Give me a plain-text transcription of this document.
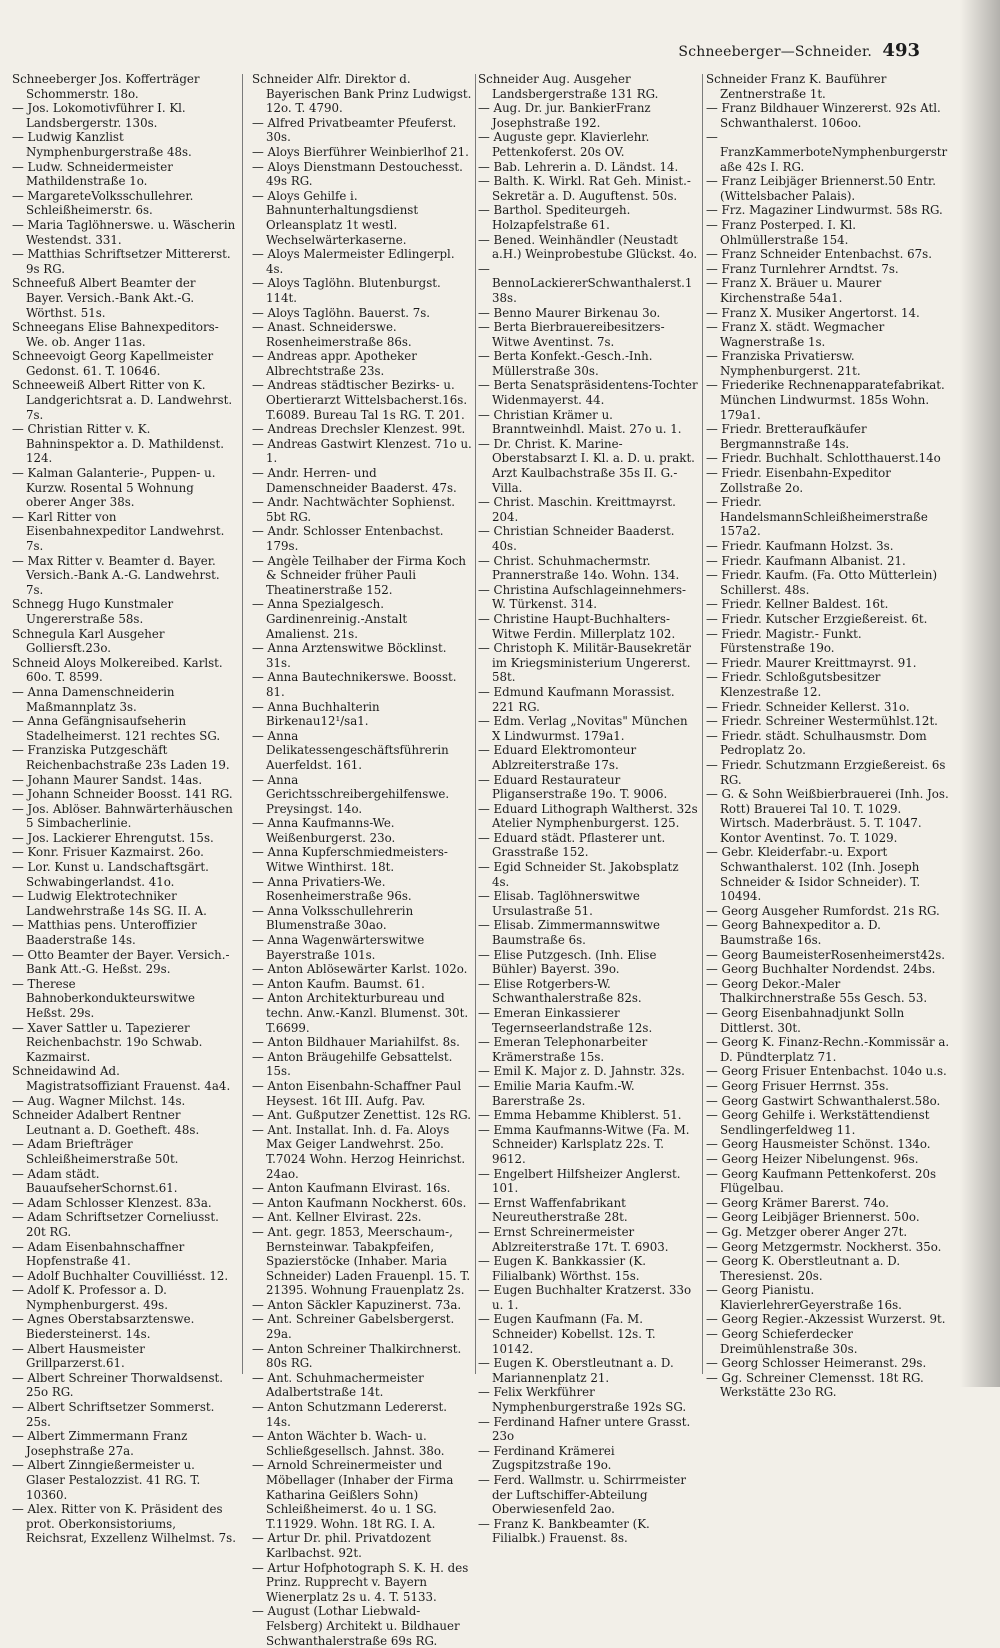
Schneeberger—Schneider. 493

Schneeberger Jos. Kofferträger Schommerstr. 18o.

— Jos. Lokomotivführer I. Kl. Landsbergerstr. 130s.

— Ludwig Kanzlist Nymphenburgerstraße 48s.

— Ludw. Schneidermeister Mathildenstraße 1o.

— MargareteVolksschullehrer. Schleißheimerstr. 6s.

— Maria Taglöhnerswe. u. Wäscherin Westendst. 331.

— Matthias Schriftsetzer Mittererst. 9s RG.

Schneefuß Albert Beamter der Bayer. Versich.-Bank Akt.-G. Wörthst. 51s.

Schneegans Elise Bahnexpeditors-We. ob. Anger 11as.

Schneevoigt Georg Kapellmeister Gedonst. 61. T. 10646.

Schneeweiß Albert Ritter von K. Landgerichtsrat a. D. Landwehrst. 7s.

— Christian Ritter v. K. Bahninspektor a. D. Mathildenst. 124.

— Kalman Galanterie-, Puppen- u. Kurzw. Rosental 5 Wohnung oberer Anger 38s.

— Karl Ritter von Eisenbahnexpeditor Landwehrst. 7s.

— Max Ritter v. Beamter d. Bayer. Versich.-Bank A.-G. Landwehrst. 7s.

Schnegg Hugo Kunstmaler Ungererstraße 58s.

Schnegula Karl Ausgeher Golliersft.23o.

Schneid Aloys Molkereibed. Karlst. 60o. T. 8599.

— Anna Damenschneiderin Maßmannplatz 3s.

— Anna Gefängnisaufseherin Stadelheimerst. 121 rechtes SG.

— Franziska Putzgeschäft Reichenbachstraße 23s Laden 19.

— Johann Maurer Sandst. 14as.

— Johann Schneider Boosst. 141 RG.

— Jos. Ablöser. Bahnwärterhäuschen 5 Simbacherlinie.

— Jos. Lackierer Ehrengutst. 15s.

— Konr. Frisuer Kazmairst. 26o.

— Lor. Kunst u. Landschaftsgärt. Schwabingerlandst. 41o.

— Ludwig Elektrotechniker Landwehrstraße 14s SG. II. A.

— Matthias pens. Unteroffizier Baaderstraße 14s.

— Otto Beamter der Bayer. Versich.-Bank Att.-G. Heßst. 29s.

— Therese Bahnoberkondukteurswitwe Heßst. 29s.

— Xaver Sattler u. Tapezierer Reichenbachstr. 19o Schwab. Kazmairst.

Schneidawind Ad. Magistratsoffiziant Frauenst. 4a4.

— Aug. Wagner Milchst. 14s.

Schneider Adalbert Rentner Leutnant a. D. Goetheft. 48s.

— Adam Briefträger Schleißheimerstraße 50t.

— Adam städt. BauaufseherSchornst.61.

— Adam Schlosser Klenzest. 83a.

— Adam Schriftsetzer Corneliusst. 20t RG.

— Adam Eisenbahnschaffner Hopfenstraße 41.

— Adolf Buchhalter Couvilliésst. 12.

— Adolf K. Professor a. D. Nymphenburgerst. 49s.

— Agnes Oberstabsarztenswe. Biedersteinerst. 14s.

— Albert Hausmeister Grillparzerst.61.

— Albert Schreiner Thorwaldsenst. 25o RG.

— Albert Schriftsetzer Sommerst. 25s.

— Albert Zimmermann Franz Josephstraße 27a.

— Albert Zinngießermeister u. Glaser Pestalozzist. 41 RG. T. 10360.

— Alex. Ritter von K. Präsident des prot. Oberkonsistoriums, Reichsrat, Exzellenz Wilhelmst. 7s.

Schneider Alfr. Direktor d. Bayerischen Bank Prinz Ludwigst. 12o. T. 4790.

— Alfred Privatbeamter Pfeuferst. 30s.

— Aloys Bierführer Weinbierlhof 21.

— Aloys Dienstmann Destouchesst. 49s RG.

— Aloys Gehilfe i. Bahnunterhaltungsdienst Orleansplatz 1t westl. Wechselwärterkaserne.

— Aloys Malermeister Edlingerpl. 4s.

— Aloys Taglöhn. Blutenburgst. 114t.

— Aloys Taglöhn. Bauerst. 7s.

— Anast. Schneiderswe. Rosenheimerstraße 86s.

— Andreas appr. Apotheker Albrechtstraße 23s.

— Andreas städtischer Bezirks- u. Obertierarzt Wittelsbacherst.16s. T.6089. Bureau Tal 1s RG. T. 201.

— Andreas Drechsler Klenzest. 99t.

— Andreas Gastwirt Klenzest. 71o u. 1.

— Andr. Herren- und Damenschneider Baaderst. 47s.

— Andr. Nachtwächter Sophienst. 5bt RG.

— Andr. Schlosser Entenbachst. 179s.

— Angèle Teilhaber der Firma Koch & Schneider früher Pauli Theatinerstraße 152.

— Anna Spezialgesch. Gardinenreinig.-Anstalt Amalienst. 21s.

— Anna Arztenswitwe Böcklinst. 31s.

— Anna Bautechnikerswe. Boosst. 81.

— Anna Buchhalterin Birkenau12¹/sa1.

— Anna Delikatessengeschäftsführerin Auerfeldst. 161.

— Anna Gerichtsschreibergehilfenswe. Preysingst. 14o.

— Anna Kaufmanns-We. Weißenburgerst. 23o.

— Anna Kupferschmiedmeisters-Witwe Winthirst. 18t.

— Anna Privatiers-We. Rosenheimerstraße 96s.

— Anna Volksschullehrerin Blumenstraße 30ao.

— Anna Wagenwärterswitwe Bayerstraße 101s.

— Anton Ablösewärter Karlst. 102o.

— Anton Kaufm. Baumst. 61.

— Anton Architekturbureau und techn. Anw.-Kanzl. Blumenst. 30t. T.6699.

— Anton Bildhauer Mariahilfst. 8s.

— Anton Bräugehilfe Gebsattelst. 15s.

— Anton Eisenbahn-Schaffner Paul Heysest. 16t III. Aufg. Pav.

— Ant. Gußputzer Zenettist. 12s RG.

— Ant. Installat. Inh. d. Fa. Aloys Max Geiger Landwehrst. 25o. T.7024 Wohn. Herzog Heinrichst. 24ao.

— Anton Kaufmann Elvirast. 16s.

— Anton Kaufmann Nockherst. 60s.

— Ant. Kellner Elvirast. 22s.

— Ant. gegr. 1853, Meerschaum-, Bernsteinwar. Tabakpfeifen, Spazierstöcke (Inhaber. Maria Schneider) Laden Frauenpl. 15. T. 21395. Wohnung Frauenplatz 2s.

— Anton Säckler Kapuzinerst. 73a.

— Ant. Schreiner Gabelsbergerst. 29a.

— Anton Schreiner Thalkirchnerst. 80s RG.

— Ant. Schuhmachermeister Adalbertstraße 14t.

— Anton Schutzmann Ledererst. 14s.

— Anton Wächter b. Wach- u. Schließgesellsch. Jahnst. 38o.

— Arnold Schreinermeister und Möbellager (Inhaber der Firma Katharina Geißlers Sohn) Schleißheimerst. 4o u. 1 SG. T.11929. Wohn. 18t RG. I. A.

— Artur Dr. phil. Privatdozent Karlbachst. 92t.

— Artur Hofphotograph S. K. H. des Prinz. Rupprecht v. Bayern Wienerplatz 2s u. 4. T. 5133.

— August (Lothar Liebwald-Felsberg) Architekt u. Bildhauer Schwanthalerstraße 69s RG.

Schneider Aug. Ausgeher Landsbergerstraße 131 RG.

— Aug. Dr. jur. BankierFranz Josephstraße 192.

— Auguste gepr. Klavierlehr. Pettenkoferst. 20s OV.

— Bab. Lehrerin a. D. Ländst. 14.

— Balth. K. Wirkl. Rat Geh. Minist.-Sekretär a. D. Auguftenst. 50s.

— Barthol. Spediteurgeh. Holzapfelstraße 61.

— Bened. Weinhändler (Neustadt a.H.) Weinprobestube Glückst. 4o.

— BennoLackiererSchwanthalerst.138s.

— Benno Maurer Birkenau 3o.

— Berta Bierbrauereibesitzers-Witwe Aventinst. 7s.

— Berta Konfekt.-Gesch.-Inh. Müllerstraße 30s.

— Berta Senatspräsidentens-Tochter Widenmayerst. 44.

— Christian Krämer u. Branntweinhdl. Maist. 27o u. 1.

— Dr. Christ. K. Marine-Oberstabsarzt I. Kl. a. D. u. prakt. Arzt Kaulbachstraße 35s II. G.-Villa.

— Christ. Maschin. Kreittmayrst. 204.

— Christian Schneider Baaderst. 40s.

— Christ. Schuhmachermstr. Prannerstraße 14o. Wohn. 134.

— Christina Aufschlageinnehmers-W. Türkenst. 314.

— Christine Haupt-Buchhalters-Witwe Ferdin. Millerplatz 102.

— Christoph K. Militär-Bausekretär im Kriegsministerium Ungererst. 58t.

— Edmund Kaufmann Morassist. 221 RG.

— Edm. Verlag „Novitas" München X Lindwurmst. 179a1.

— Eduard Elektromonteur Ablzreiterstraße 17s.

— Eduard Restaurateur Pliganserstraße 19o. T. 9006.

— Eduard Lithograph Waltherst. 32s Atelier Nymphenburgerst. 125.

— Eduard städt. Pflasterer unt. Grasstraße 152.

— Egid Schneider St. Jakobsplatz 4s.

— Elisab. Taglöhnerswitwe Ursulastraße 51.

— Elisab. Zimmermannswitwe Baumstraße 6s.

— Elise Putzgesch. (Inh. Elise Bühler) Bayerst. 39o.

— Elise Rotgerbers-W. Schwanthalerstraße 82s.

— Emeran Einkassierer Tegernseerlandstraße 12s.

— Emeran Telephonarbeiter Krämerstraße 15s.

— Emil K. Major z. D. Jahnstr. 32s.

— Emilie Maria Kaufm.-W. Barerstraße 2s.

— Emma Hebamme Khiblerst. 51.

— Emma Kaufmanns-Witwe (Fa. M. Schneider) Karlsplatz 22s. T. 9612.

— Engelbert Hilfsheizer Anglerst. 101.

— Ernst Waffenfabrikant Neureutherstraße 28t.

— Ernst Schreinermeister Ablzreiterstraße 17t. T. 6903.

— Eugen K. Bankkassier (K. Filialbank) Wörthst. 15s.

— Eugen Buchhalter Kratzerst. 33o u. 1.

— Eugen Kaufmann (Fa. M. Schneider) Kobellst. 12s. T. 10142.

— Eugen K. Oberstleutnant a. D. Mariannenplatz 21.

— Felix Werkführer Nymphenburgerstraße 192s SG.

— Ferdinand Hafner untere Grasst. 23o

— Ferdinand Krämerei Zugspitzstraße 19o.

— Ferd. Wallmstr. u. Schirrmeister der Luftschiffer-Abteilung Oberwiesenfeld 2ao.

— Franz K. Bankbeamter (K. Filialbk.) Frauenst. 8s.

Schneider Franz K. Bauführer Zentnerstraße 1t.

— Franz Bildhauer Winzererst. 92s Atl. Schwanthalerst. 106oo.

— FranzKammerboteNymphenburgerstraße 42s I. RG.

— Franz Leibjäger Briennerst.50 Entr. (Wittelsbacher Palais).

— Frz. Magaziner Lindwurmst. 58s RG.

— Franz Posterped. I. Kl. Ohlmüllerstraße 154.

— Franz Schneider Entenbachst. 67s.

— Franz Turnlehrer Arndtst. 7s.

— Franz X. Bräuer u. Maurer Kirchenstraße 54a1.

— Franz X. Musiker Angertorst. 14.

— Franz X. städt. Wegmacher Wagnerstraße 1s.

— Franziska Privatiersw. Nymphenburgerst. 21t.

— Friederike Rechnenapparatefabrikat. München Lindwurmst. 185s Wohn. 179a1.

— Friedr. Bretteraufkäufer Bergmannstraße 14s.

— Friedr. Buchhalt. Schlotthauerst.14o

— Friedr. Eisenbahn-Expeditor Zollstraße 2o.

— Friedr. HandelsmannSchleißheimerstraße 157a2.

— Friedr. Kaufmann Holzst. 3s.

— Friedr. Kaufmann Albanist. 21.

— Friedr. Kaufm. (Fa. Otto Mütterlein) Schillerst. 48s.

— Friedr. Kellner Baldest. 16t.

— Friedr. Kutscher Erzgießereist. 6t.

— Friedr. Magistr.- Funkt. Fürstenstraße 19o.

— Friedr. Maurer Kreittmayrst. 91.

— Friedr. Schloßgutsbesitzer Klenzestraße 12.

— Friedr. Schneider Kellerst. 31o.

— Friedr. Schreiner Westermühlst.12t.

— Friedr. städt. Schulhausmstr. Dom Pedroplatz 2o.

— Friedr. Schutzmann Erzgießereist. 6s RG.

— G. & Sohn Weißbierbrauerei (Inh. Jos. Rott) Brauerei Tal 10. T. 1029. Wirtsch. Maderbräust. 5. T. 1047. Kontor Aventinst. 7o. T. 1029.

— Gebr. Kleiderfabr.-u. Export Schwanthalerst. 102 (Inh. Joseph Schneider & Isidor Schneider). T. 10494.

— Georg Ausgeher Rumfordst. 21s RG.

— Georg Bahnexpeditor a. D. Baumstraße 16s.

— Georg BaumeisterRosenheimerst42s.

— Georg Buchhalter Nordendst. 24bs.

— Georg Dekor.-Maler Thalkirchnerstraße 55s Gesch. 53.

— Georg Eisenbahnadjunkt Solln Dittlerst. 30t.

— Georg K. Finanz-Rechn.-Kommissär a. D. Pündterplatz 71.

— Georg Frisuer Entenbachst. 104o u.s.

— Georg Frisuer Herrnst. 35s.

— Georg Gastwirt Schwanthalerst.58o.

— Georg Gehilfe i. Werkstättendienst Sendlingerfeldweg 11.

— Georg Hausmeister Schönst. 134o.

— Georg Heizer Nibelungenst. 96s.

— Georg Kaufmann Pettenkoferst. 20s Flügelbau.

— Georg Krämer Barerst. 74o.

— Georg Leibjäger Briennerst. 50o.

— Gg. Metzger oberer Anger 27t.

— Georg Metzgermstr. Nockherst. 35o.

— Georg K. Oberstleutnant a. D. Theresienst. 20s.

— Georg Pianistu. KlavierlehrerGeyerstraße 16s.

— Georg Regier.-Akzessist Wurzerst. 9t.

— Georg Schieferdecker Dreimühlenstraße 30s.

— Georg Schlosser Heimeranst. 29s.

— Gg. Schreiner Clemensst. 18t RG. Werkstätte 23o RG.
